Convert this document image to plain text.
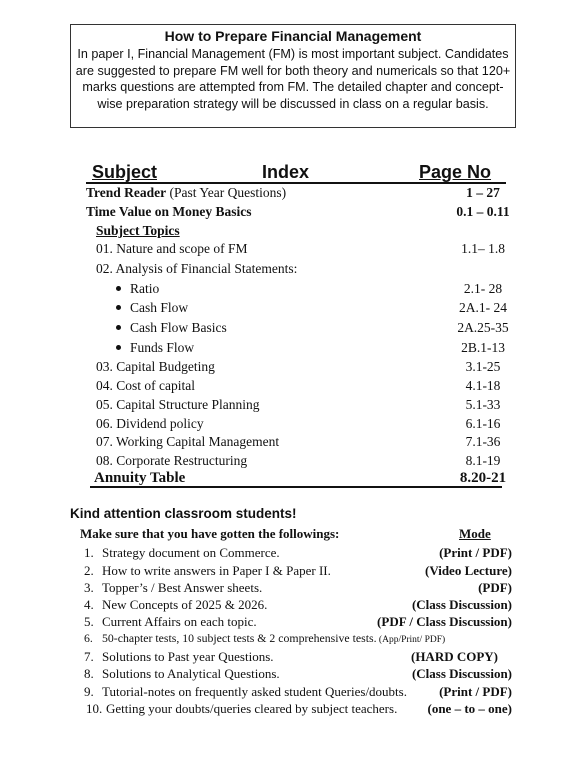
How to Prepare Financial Management
In paper I, Financial Management (FM) is most important subject. Candidates are suggested to prepare FM well for both theory and numericals so that 120+ marks questions are attempted from FM. The detailed chapter and concept-wise preparation strategy will be discussed in class on a regular basis.
Subject	Index	Page No
Trend Reader (Past Year Questions)	1 – 27
Time Value on Money Basics	0.1 – 0.11
Subject Topics
01. Nature and scope of FM	1.1– 1.8
02. Analysis of Financial Statements:
Ratio	2.1- 28
Cash Flow	2A.1- 24
Cash Flow Basics	2A.25-35
Funds Flow	2B.1-13
03. Capital Budgeting	3.1-25
04. Cost of capital	4.1-18
05. Capital Structure Planning	5.1-33
06. Dividend policy	6.1-16
07. Working Capital Management	7.1-36
08. Corporate Restructuring	8.1-19
Annuity Table	8.20-21
Kind attention classroom students!
Make sure that you have gotten the followings:	Mode
1. Strategy document on Commerce.	(Print / PDF)
2. How to write answers in Paper I & Paper II.	(Video Lecture)
3. Topper’s / Best Answer sheets.	(PDF)
4. New Concepts of 2025 & 2026.	(Class Discussion)
5. Current Affairs on each topic.	(PDF / Class Discussion)
6. 50-chapter tests, 10 subject tests & 2 comprehensive tests. (App/Print/ PDF)
7. Solutions to Past year Questions.	(HARD COPY)
8. Solutions to Analytical Questions.	(Class Discussion)
9. Tutorial-notes on frequently asked student Queries/doubts. (Print / PDF)
10. Getting your doubts/queries cleared by subject teachers. (one – to – one)
